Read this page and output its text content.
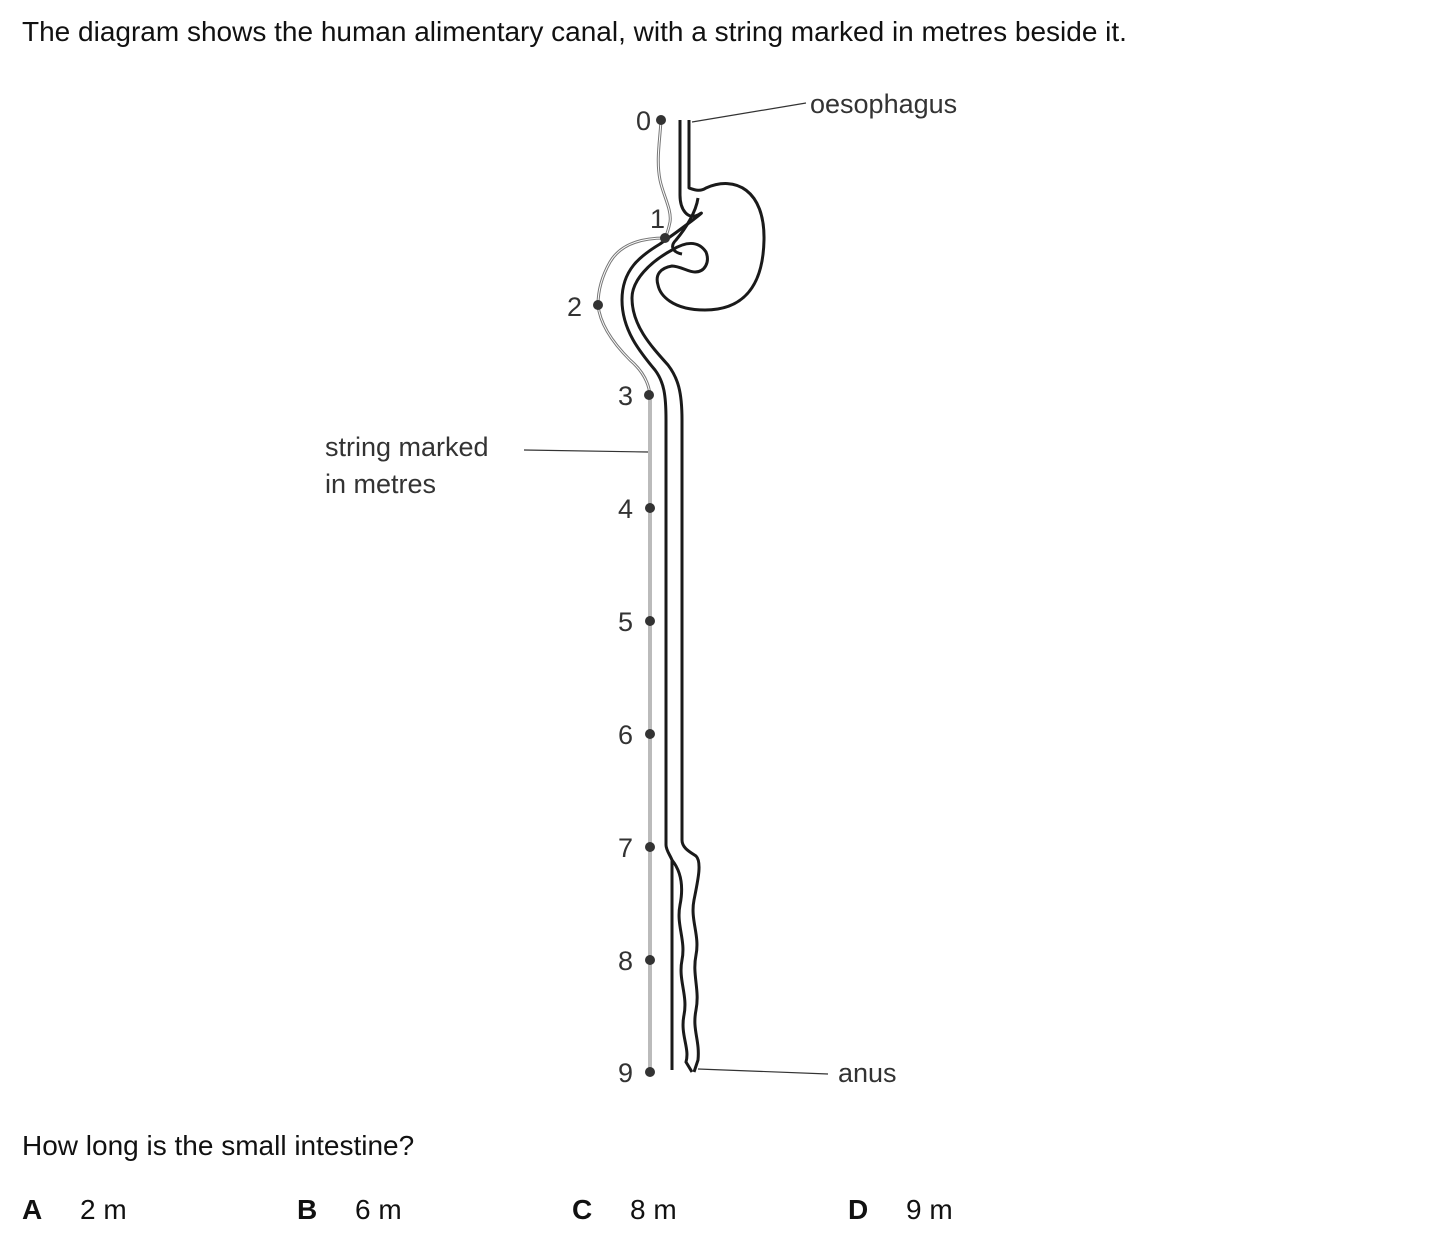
The diagram shows the human alimentary canal, with a string marked in metres beside it.
0
1
2
3
4
5
6
7
8
9
oesophagus
string marked
in metres
anus
How long is the small intestine?
A 2 m	B 6 m	C 8 m	D 9 m
